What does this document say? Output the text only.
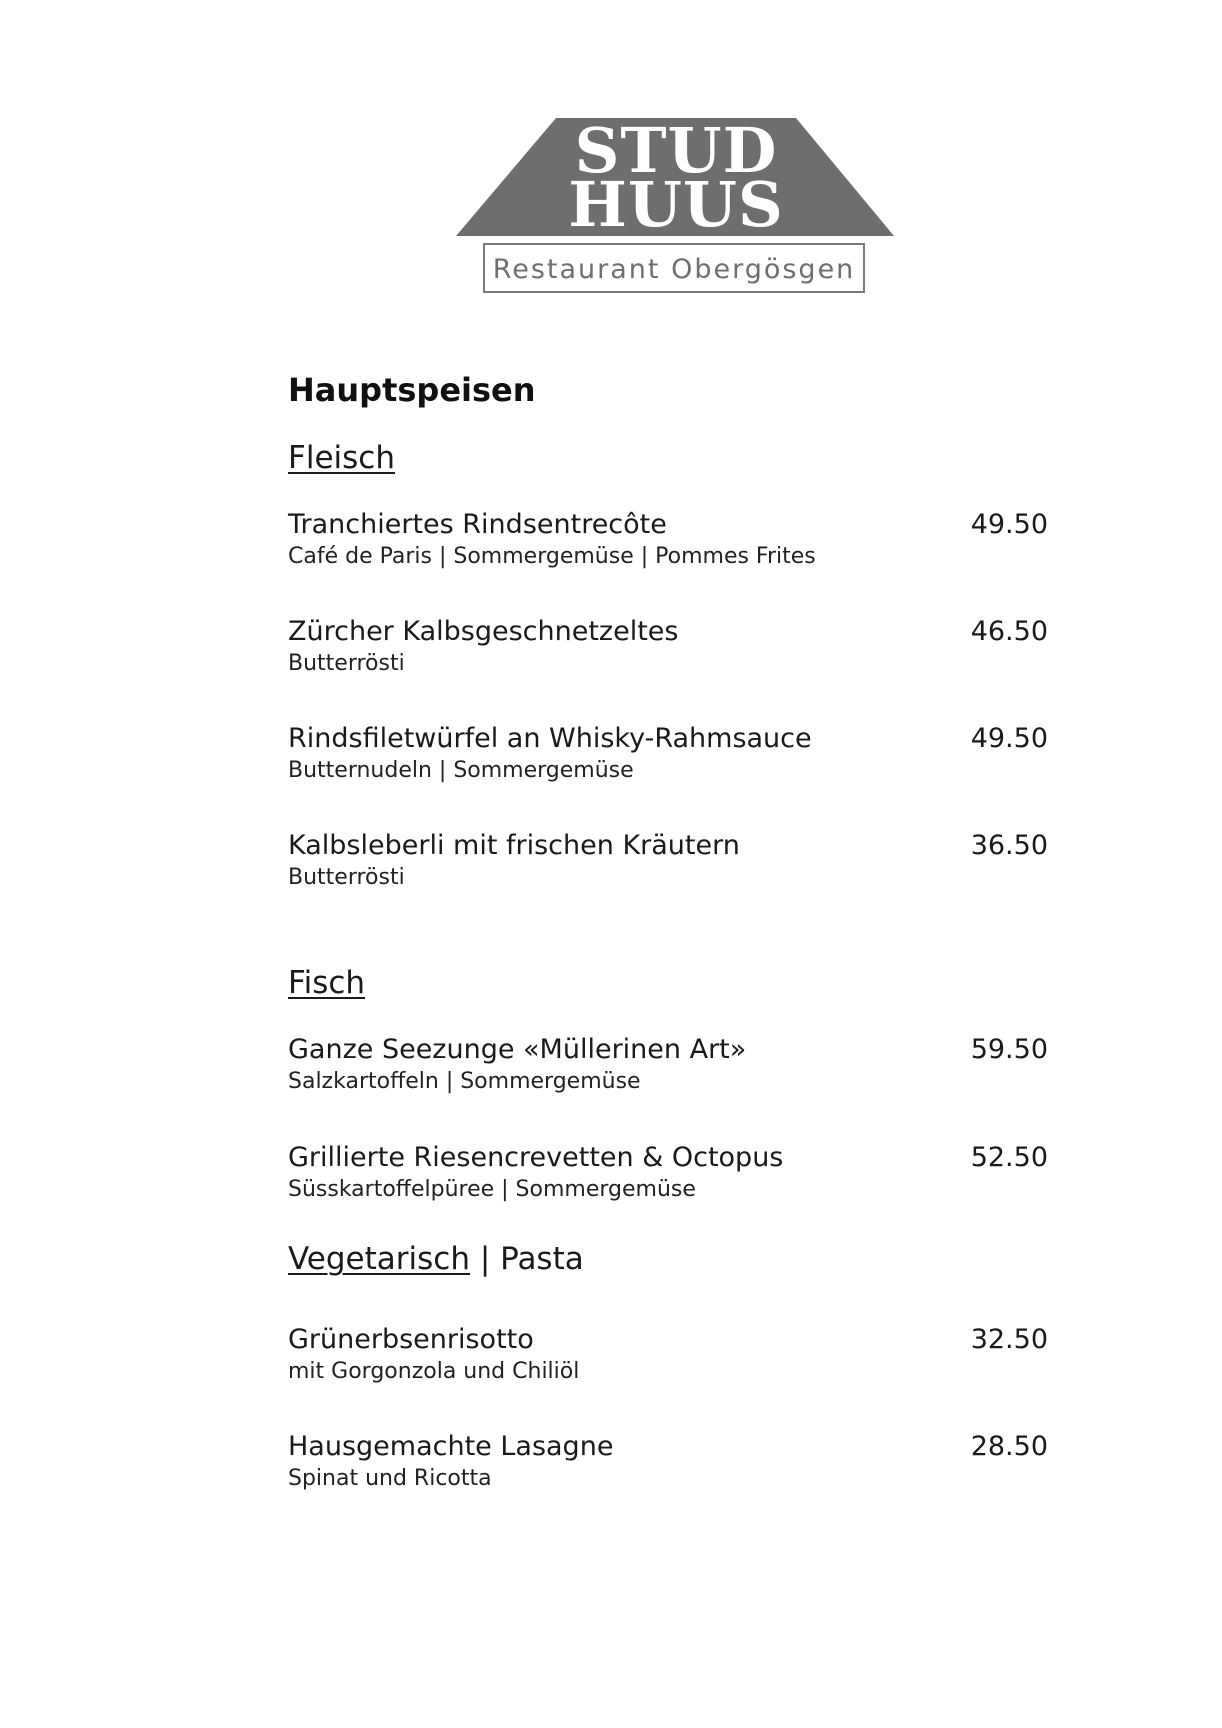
STUD
HUUS
Restaurant Obergösgen
Hauptspeisen
Fleisch
Tranchiertes Rindsentrecôte
Café de Paris | Sommergemüse | Pommes Frites
49.50
Zürcher Kalbsgeschnetzeltes
Butterrösti
46.50
Rindsfiletwürfel an Whisky-Rahmsauce
Butternudeln | Sommergemüse
49.50
Kalbsleberli mit frischen Kräutern
Butterrösti
36.50
Fisch
Ganze Seezunge «Müllerinen Art»
Salzkartoffeln | Sommergemüse
59.50
Grillierte Riesencrevetten & Octopus
Süsskartoffelpüree | Sommergemüse
52.50
Vegetarisch | Pasta
Grünerbsenrisotto
mit Gorgonzola und Chiliöl
32.50
Hausgemachte Lasagne
Spinat und Ricotta
28.50
